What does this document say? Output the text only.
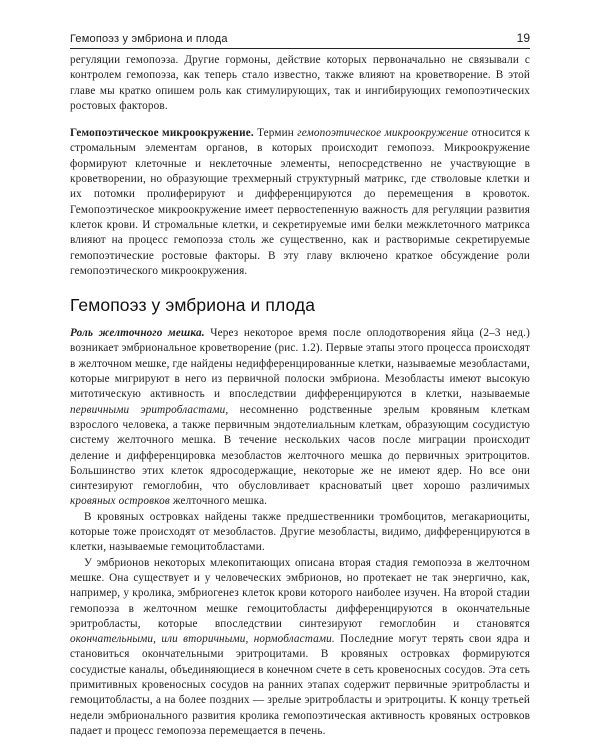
Гемопоэз у эмбриона и плода	19

регуляции гемопоэза. Другие гормоны, действие которых первоначально не связывали с контролем гемопоэза, как теперь стало известно, также влияют на кроветворение. В этой главе мы кратко опишем роль как стимулирующих, так и ингибирующих гемопоэтических ростовых факторов.

Гемопоэтическое микроокружение. Термин гемопоэтическое микроокружение относится к стромальным элементам органов, в которых происходит гемопоэз. Микроокружение формируют клеточные и неклеточные элементы, непосредственно не участвующие в кроветворении, но образующие трехмерный структурный матрикс, где стволовые клетки и их потомки пролиферируют и дифференцируются до перемещения в кровоток. Гемопоэтическое микроокружение имеет первостепенную важность для регуляции развития клеток крови. И стромальные клетки, и секретируемые ими белки межклеточного матрикса влияют на процесс гемопоэза столь же существенно, как и растворимые секретируемые гемопоэтические ростовые факторы. В эту главу включено краткое обсуждение роли гемопоэтического микроокружения.

Гемопоэз у эмбриона и плода

Роль желточного мешка. Через некоторое время после оплодотворения яйца (2–3 нед.) возникает эмбриональное кроветворение (рис. 1.2). Первые этапы этого процесса происходят в желточном мешке, где найдены недифференцированные клетки, называемые мезобластами, которые мигрируют в него из первичной полоски эмбриона. Мезобласты имеют высокую митотическую активность и впоследствии дифференцируются в клетки, называемые первичными эритробластами, несомненно родственные зрелым кровяным клеткам взрослого человека, а также первичным эндотелиальным клеткам, образующим сосудистую систему желточного мешка. В течение нескольких часов после миграции происходит деление и дифференцировка мезобластов желточного мешка до первичных эритроцитов. Большинство этих клеток ядросодержащие, некоторые же не имеют ядер. Но все они синтезируют гемоглобин, что обусловливает красноватый цвет хорошо различимых кровяных островков желточного мешка.

В кровяных островках найдены также предшественники тромбоцитов, мегакариоциты, которые тоже происходят от мезобластов. Другие мезобласты, видимо, дифференцируются в клетки, называемые гемоцитобластами.

У эмбрионов некоторых млекопитающих описана вторая стадия гемопоэза в желточном мешке. Она существует и у человеческих эмбрионов, но протекает не так энергично, как, например, у кролика, эмбриогенез клеток крови которого наиболее изучен. На второй стадии гемопоэза в желточном мешке гемоцитобласты дифференцируются в окончательные эритробласты, которые впоследствии синтезируют гемоглобин и становятся окончательными, или вторичными, нормобластами. Последние могут терять свои ядра и становиться окончательными эритроцитами. В кровяных островках формируются сосудистые каналы, объединяющиеся в конечном счете в сеть кровеносных сосудов. Эта сеть примитивных кровеносных сосудов на ранних этапах содержит первичные эритробласты и гемоцитобласты, а на более поздних — зрелые эритробласты и эритроциты. К концу третьей недели эмбрионального развития кролика гемопоэтическая активность кровяных островков падает и процесс гемопоэза перемещается в печень.
